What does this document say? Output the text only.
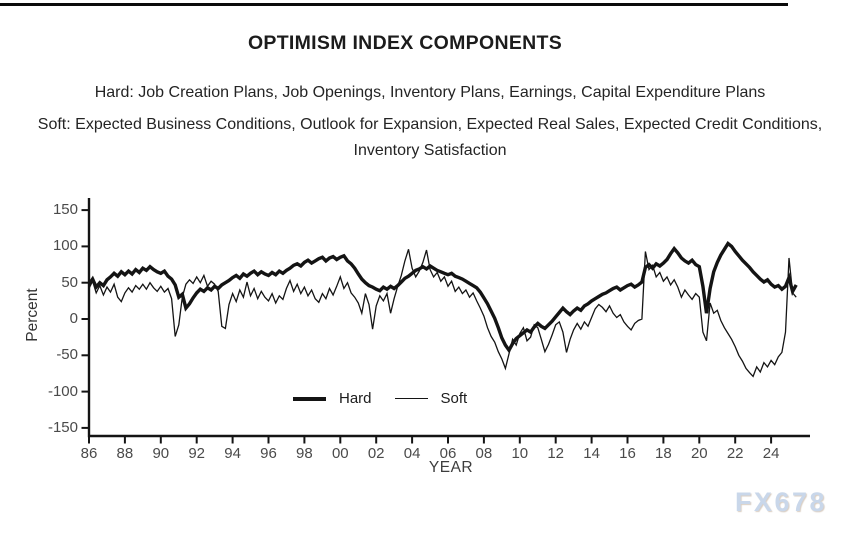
OPTIMISM INDEX COMPONENTS
Hard: Job Creation Plans, Job Openings, Inventory Plans, Earnings, Capital Expenditure Plans
Soft: Expected Business Conditions, Outlook for Expansion, Expected Real Sales, Expected Credit Conditions, Inventory Satisfaction
150
100
50
0
-50
-100
-150
86	88	90	92	94	96	98	00	02	04	06	08	10	12	14	16	18	20	22	24
Percent
YEAR
Hard	Soft
FX678
